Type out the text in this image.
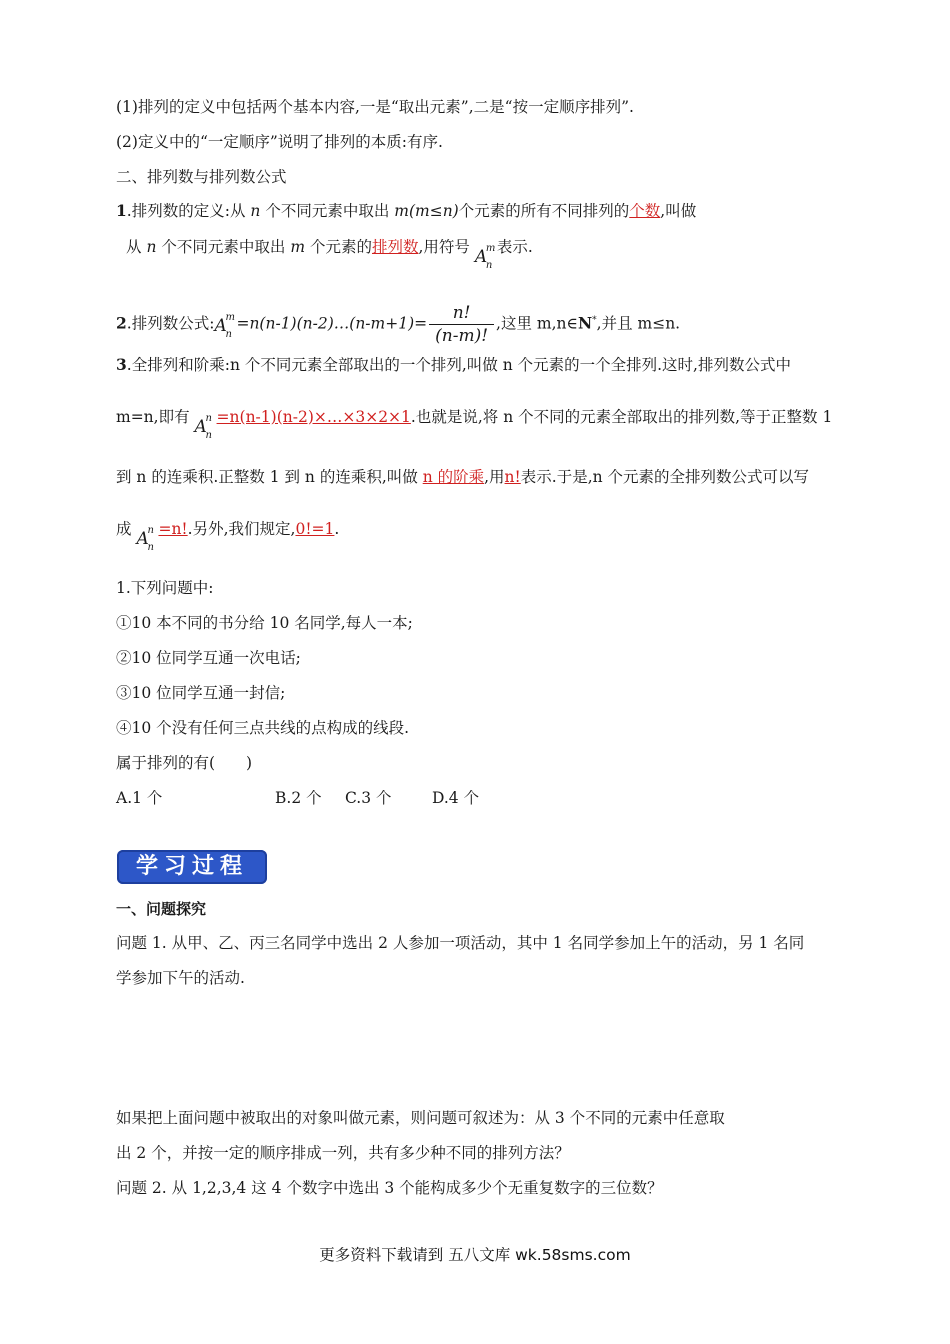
(1)排列的定义中包括两个基本内容,一是“取出元素”,二是“按一定顺序排列”.
(2)定义中的“一定顺序”说明了排列的本质:有序.
二、排列数与排列数公式
1.排列数的定义:从 n 个不同元素中取出 m(m≤n)个元素的所有不同排列的个数,叫做
从 n 个不同元素中取出 m 个元素的排列数,用符号 A
m
n
表示.
2.排列数公式: A
m
n
=n(n-1)(n-2)…(n-m+1)= $\frac{n!}{(n-m)!}$ ,这里 m,n∈N*,并且 m≤n.
3.全排列和阶乘:n 个不同元素全部取出的一个排列,叫做 n 个元素的一个全排列.这时,排列数公式中
m=n,即有 A
n
n
=n(n-1)(n-2)×…×3×2×1.也就是说,将 n 个不同的元素全部取出的排列数,等于正整数 1
到 n 的连乘积.正整数 1 到 n 的连乘积,叫做 n 的阶乘,用n!表示.于是,n 个元素的全排列数公式可以写
成 A
n
n
=n!.另外,我们规定,0!=1.
1.下列问题中:
①10 本不同的书分给 10 名同学,每人一本;
②10 位同学互通一次电话;
③10 位同学互通一封信;
④10 个没有任何三点共线的点构成的线段.
属于排列的有(　　)
A.1 个	B.2 个 C.3 个	D.4 个
学习过程
一、问题探究
问题 1. 从甲、乙、丙三名同学中选出 2 人参加一项活动，其中 1 名同学参加上午的活动，另 1 名同
学参加下午的活动.
如果把上面问题中被取出的对象叫做元素，则问题可叙述为：从 3 个不同的元素中任意取
出 2 个，并按一定的顺序排成一列，共有多少种不同的排列方法？
问题 2. 从 1,2,3,4 这 4 个数字中选出 3 个能构成多少个无重复数字的三位数？
更多资料下载请到 五八文库 wk.58sms.com
